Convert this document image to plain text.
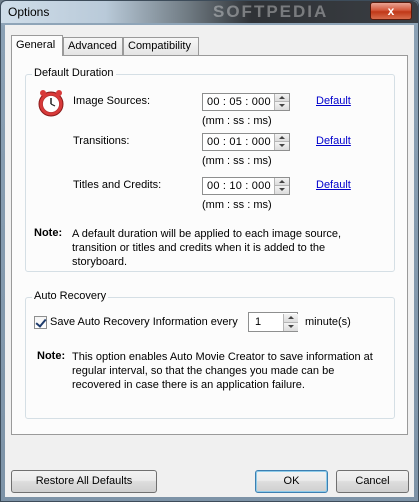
Options	SOFTPEDIA	x
General	Advanced	Compatibility
Default Duration
Image Sources:	00 : 05 : 000
(mm : ss : ms)
Default
Transitions:	00 : 01 : 000
(mm : ss : ms)
Default
Titles and Credits:	00 : 10 : 000
(mm : ss : ms)
Default
Note: A default duration will be applied to each image source,
transition or titles and credits when it is added to the
storyboard.
Auto Recovery
Save Auto Recovery Information every 1	minute(s)
Note: This option enables Auto Movie Creator to save information at
regular interval, so that the changes you made can be
recovered in case there is an application failure.
Restore All Defaults	OK	Cancel
